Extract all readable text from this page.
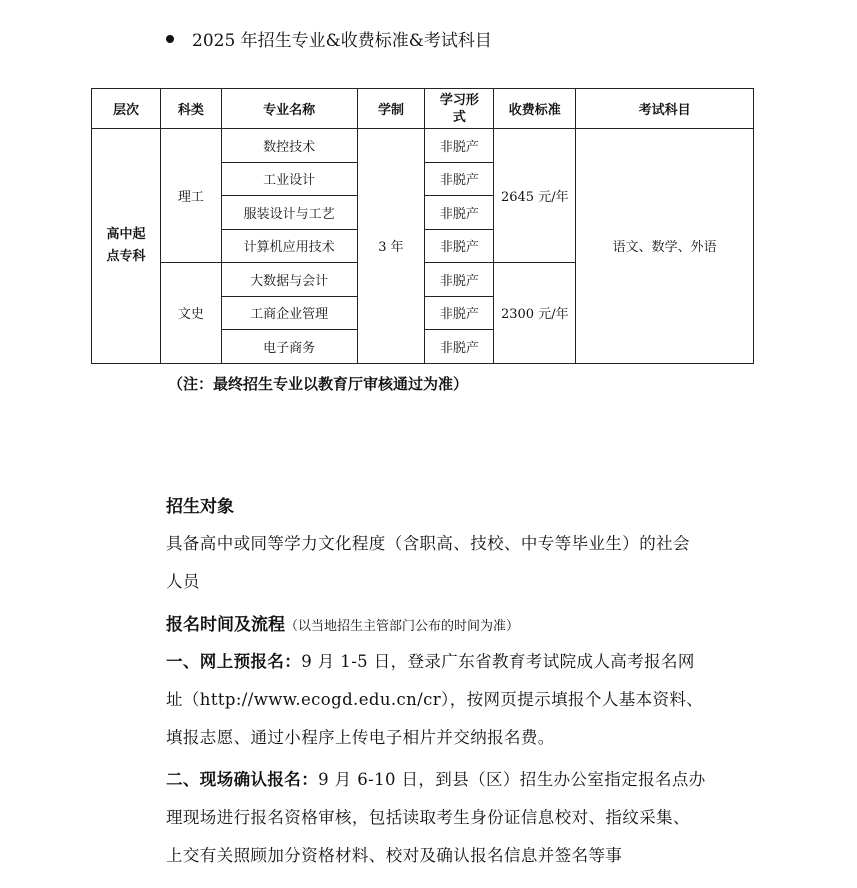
2025 年招生专业&收费标准&考试科目
层次	科类	专业名称	学制	学习形式	收费标准	考试科目
高中起点专科	理工	数控技术	3 年	非脱产	2645 元/年	语文、数学、外语
		工业设计		非脱产		
		服装设计与工艺		非脱产		
		计算机应用技术		非脱产		
	文史	大数据与会计		非脱产	2300 元/年	
		工商企业管理		非脱产		
		电子商务		非脱产		
（注：最终招生专业以教育厅审核通过为准）
招生对象
具备高中或同等学力文化程度（含职高、技校、中专等毕业生）的社会人员
报名时间及流程（以当地招生主管部门公布的时间为准）
一、网上预报名：9 月 1-5 日，登录广东省教育考试院成人高考报名网址（http://www.ecogd.edu.cn/cr），按网页提示填报个人基本资料、填报志愿、通过小程序上传电子相片并交纳报名费。
二、现场确认报名：9 月 6-10 日，到县（区）招生办公室指定报名点办理现场进行报名资格审核，包括读取考生身份证信息校对、指纹采集、上交有关照顾加分资格材料、校对及确认报名信息并签名等事
